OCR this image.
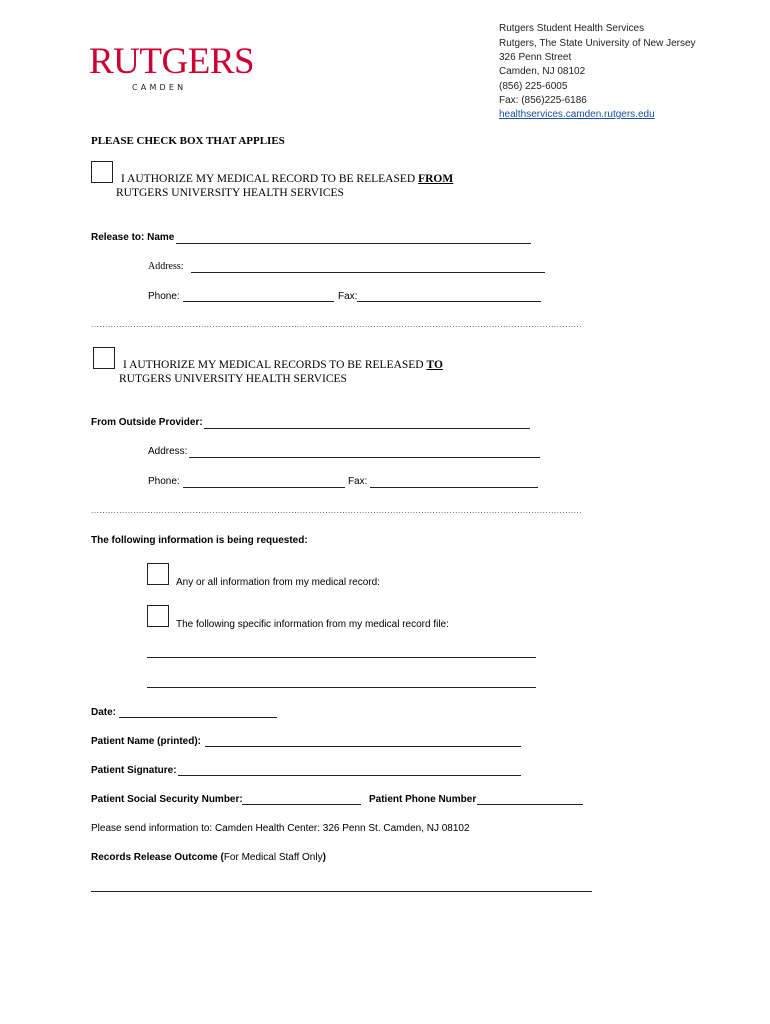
RUTGERS
CAMDEN
Rutgers Student Health Services
Rutgers, The State University of New Jersey
326 Penn Street
Camden, NJ 08102
(856) 225-6005
Fax: (856)225-6186
healthservices.camden.rutgers.edu
PLEASE CHECK BOX THAT APPLIES
I AUTHORIZE MY MEDICAL RECORD TO BE RELEASED FROM
RUTGERS UNIVERSITY HEALTH SERVICES
Release to: Name
Address:
Phone:	Fax:
..............................................................................................................................................................................
I AUTHORIZE MY MEDICAL RECORDS TO BE RELEASED TO
RUTGERS UNIVERSITY HEALTH SERVICES
From Outside Provider:
Address:
Phone:	Fax:
..............................................................................................................................................................................
The following information is being requested:
Any or all information from my medical record:
The following specific information from my medical record file:
Date:
Patient Name (printed):
Patient Signature:
Patient Social Security Number:	Patient Phone Number
Please send information to: Camden Health Center: 326 Penn St. Camden, NJ 08102
Records Release Outcome (For Medical Staff Only)
